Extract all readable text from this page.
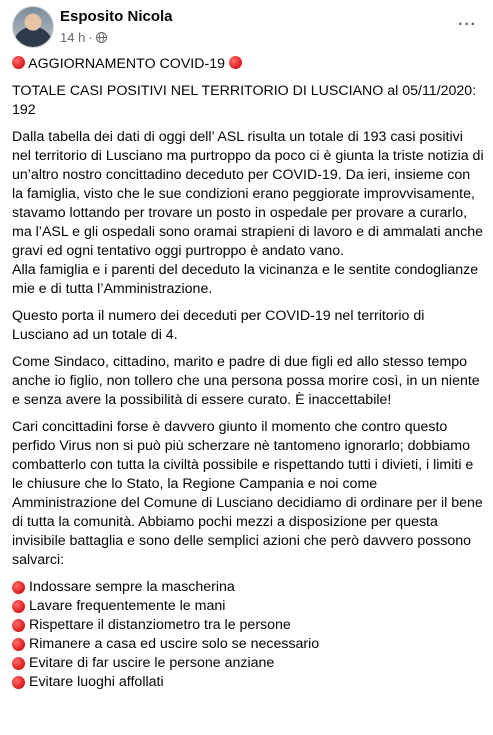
Esposito Nicola
14 h ·
···

AGGIORNAMENTO COVID-19

TOTALE CASI POSITIVI NEL TERRITORIO DI LUSCIANO al 05/11/2020: 192

Dalla tabella dei dati di oggi dell’ ASL risulta un totale di 193 casi positivi nel territorio di Lusciano ma purtroppo da poco ci è giunta la triste notizia di un’altro nostro concittadino deceduto per COVID-19. Da ieri, insieme con la famiglia, visto che le sue condizioni erano peggiorate improvvisamente, stavamo lottando per trovare un posto in ospedale per provare a curarlo, ma l’ASL e gli ospedali sono oramai strapieni di lavoro e di ammalati anche gravi ed ogni tentativo oggi purtroppo è andato vano.

Alla famiglia e i parenti del deceduto la vicinanza e le sentite condoglianze mie e di tutta l’Amministrazione.

Questo porta il numero dei deceduti per COVID-19 nel territorio di Lusciano ad un totale di 4.

Come Sindaco, cittadino, marito e padre di due figli ed allo stesso tempo anche io figlio, non tollero che una persona possa morire così, in un niente e senza avere la possibilità di essere curato. È inaccettabile!

Cari concittadini forse è davvero giunto il momento che contro questo perfido Virus non si può più scherzare nè tantomeno ignorarlo; dobbiamo combatterlo con tutta la civiltà possibile e rispettando tutti i divieti, i limiti e le chiusure che lo Stato, la Regione Campania e noi come Amministrazione del Comune di Lusciano decidiamo di ordinare per il bene di tutta la comunità. Abbiamo pochi mezzi a disposizione per questa invisibile battaglia e sono delle semplici azioni che però davvero possono salvarci:

Indossare sempre la mascherina
Lavare frequentemente le mani
Rispettare il distanziometro tra le persone
Rimanere a casa ed uscire solo se necessario
Evitare di far uscire le persone anziane
Evitare luoghi affollati
